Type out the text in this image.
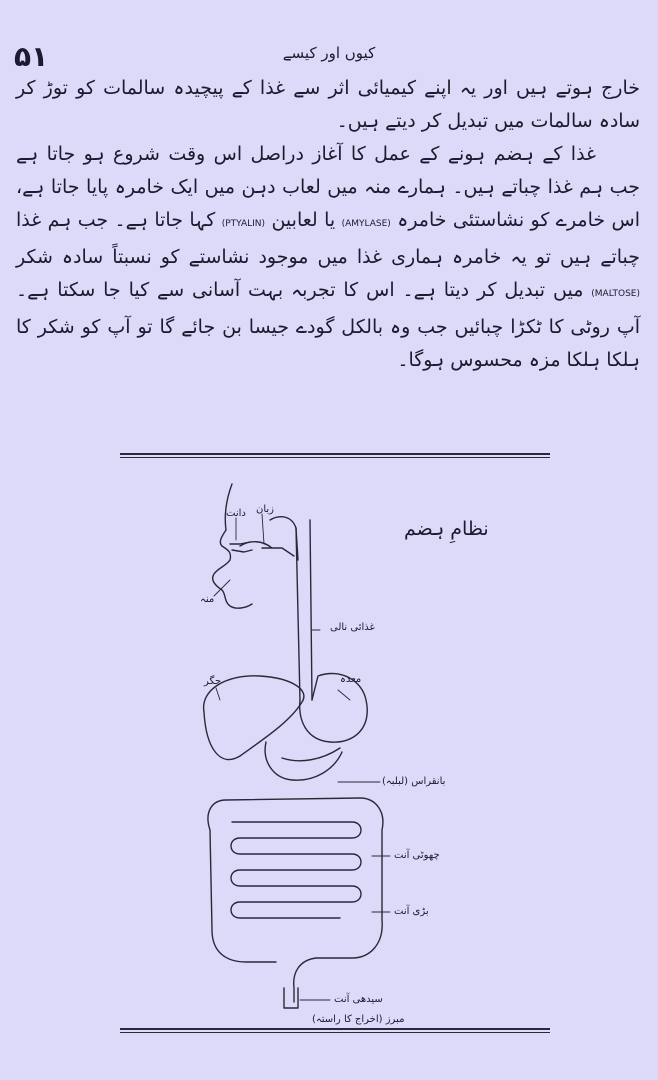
۵۱	کیوں اور کیسے

خارج ہوتے ہیں اور یہ اپنے کیمیائی اثر سے غذا کے پیچیدہ سالمات کو توڑ کر سادہ سالمات میں تبدیل کر دیتے ہیں۔

غذا کے ہضم ہونے کے عمل کا آغاز دراصل اس وقت شروع ہو جاتا ہے جب ہم غذا چباتے ہیں۔ ہمارے منہ میں لعاب دہن میں ایک خامرہ پایا جاتا ہے، اس خامرے کو نشاستئی خامرہ (AMYLASE) یا لعابین (PTYALIN) کہا جاتا ہے۔ جب ہم غذا چباتے ہیں تو یہ خامرہ ہماری غذا میں موجود نشاستے کو نسبتاً سادہ شکر (MALTOSE) میں تبدیل کر دیتا ہے۔ اس کا تجربہ بہت آسانی سے کیا جا سکتا ہے۔ آپ روٹی کا ٹکڑا چبائیں جب وہ بالکل گودے جیسا بن جائے گا تو آپ کو شکر کا ہلکا ہلکا مزہ محسوس ہوگا۔

نظامِ ہضم
دانت زبان
منہ
غذائی نالی
معدہ
جگر
بانقراس (لبلبہ)
چھوٹی آنت
بڑی آنت
سیدھی آنت
مبرز (اخراج کا راستہ)
